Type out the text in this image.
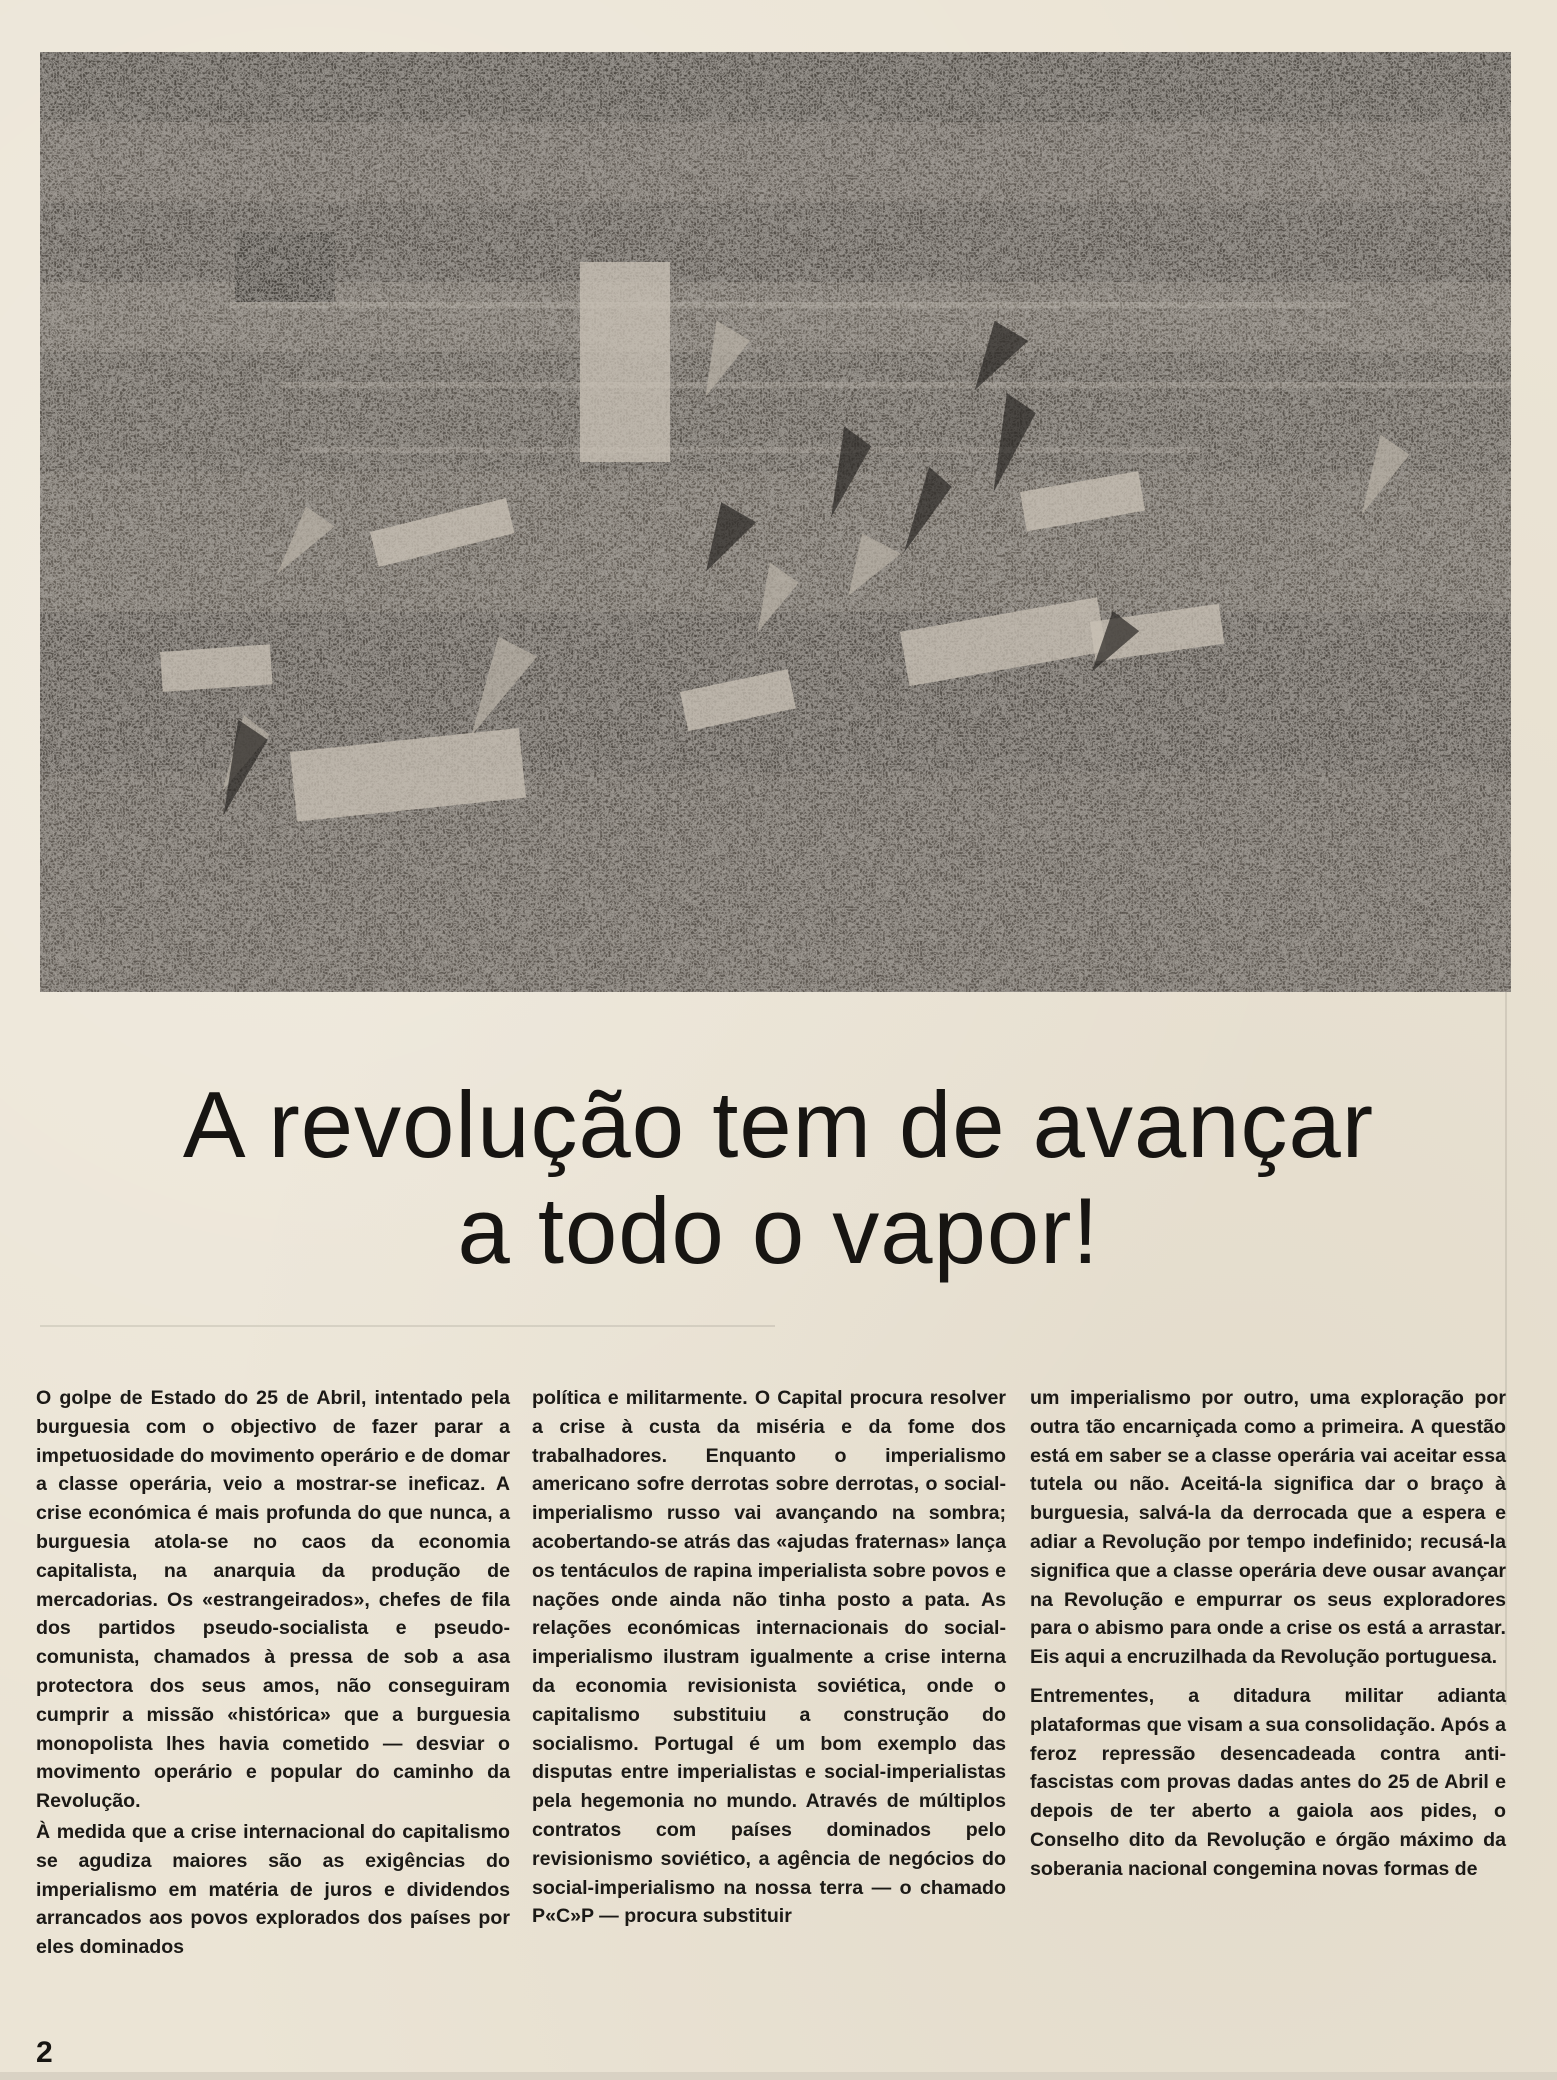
A revolução tem de avançar
a todo o vapor!

O golpe de Estado do 25 de Abril, intentado pela burguesia com o objectivo de fazer parar a impetuosidade do movimento operário e de domar a classe operária, veio a mostrar-se ineficaz. A crise económica é mais profunda do que nunca, a burguesia atola-se no caos da economia capitalista, na anarquia da produção de mercadorias. Os «estrangeirados», chefes de fila dos partidos pseudo-socialista e pseudo-comunista, chamados à pressa de sob a asa protectora dos seus amos, não conseguiram cumprir a missão «histórica» que a burguesia monopolista lhes havia cometido — desviar o movimento operário e popular do caminho da Revolução.

À medida que a crise internacional do capitalismo se agudiza maiores são as exigências do imperialismo em matéria de juros e dividendos arrancados aos povos explorados dos países por eles dominados

política e militarmente. O Capital procura resolver a crise à custa da miséria e da fome dos trabalhadores. Enquanto o imperialismo americano sofre derrotas sobre derrotas, o social-imperialismo russo vai avançando na sombra; acobertando-se atrás das «ajudas fraternas» lança os tentáculos de rapina imperialista sobre povos e nações onde ainda não tinha posto a pata. As relações económicas internacionais do social-imperialismo ilustram igualmente a crise interna da economia revisionista soviética, onde o capitalismo substituiu a construção do socialismo. Portugal é um bom exemplo das disputas entre imperialistas e social-imperialistas pela hegemonia no mundo. Através de múltiplos contratos com países dominados pelo revisionismo soviético, a agência de negócios do social-imperialismo na nossa terra — o chamado P«C»P — procura substituir

um imperialismo por outro, uma exploração por outra tão encarniçada como a primeira. A questão está em saber se a classe operária vai aceitar essa tutela ou não. Aceitá-la significa dar o braço à burguesia, salvá-la da derrocada que a espera e adiar a Revolução por tempo indefinido; recusá-la significa que a classe operária deve ousar avançar na Revolução e empurrar os seus exploradores para o abismo para onde a crise os está a arrastar. Eis aqui a encruzilhada da Revolução portuguesa.

Entrementes, a ditadura militar adianta plataformas que visam a sua consolidação. Após a feroz repressão desencadeada contra anti-fascistas com provas dadas antes do 25 de Abril e depois de ter aberto a gaiola aos pides, o Conselho dito da Revolução e órgão máximo da soberania nacional congemina novas formas de

2
